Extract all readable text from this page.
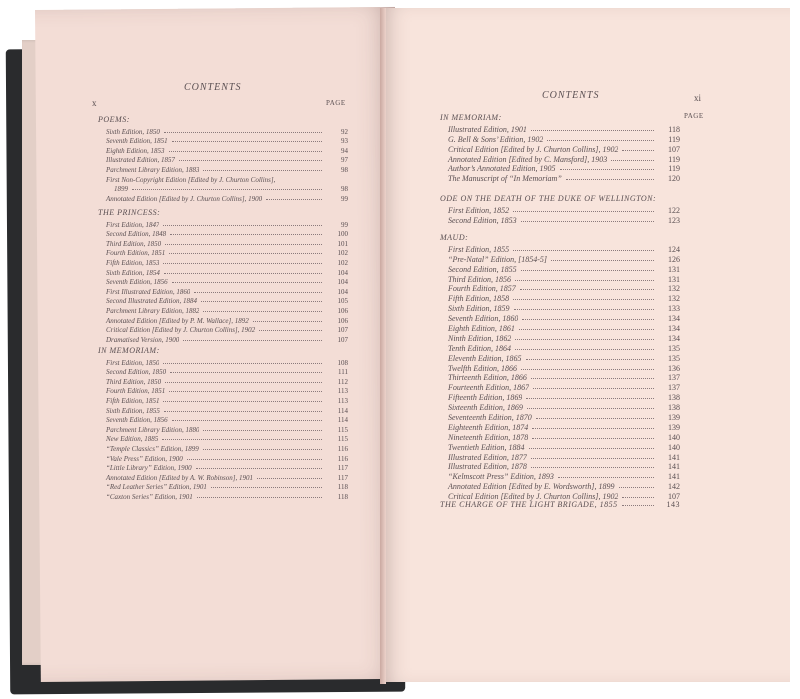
CONTENTS
x	PAGE
CONTENTS	xi
PAGE
POEMS:
Sixth Edition, 1850	92
Seventh Edition, 1851	93
Eighth Edition, 1853	94
Illustrated Edition, 1857	97
Parchment Library Edition, 1883	98
First Non-Copyright Edition [Edited by J. Churton Collins],
1899	98
Annotated Edition [Edited by J. Churton Collins], 1900	99
THE PRINCESS:
First Edition, 1847	99
Second Edition, 1848	100
Third Edition, 1850	101
Fourth Edition, 1851	102
Fifth Edition, 1853	102
Sixth Edition, 1854	104
Seventh Edition, 1856	104
First Illustrated Edition, 1860	104
Second Illustrated Edition, 1884	105
Parchment Library Edition, 1882	106
Annotated Edition [Edited by P. M. Wallace], 1892	106
Critical Edition [Edited by J. Churton Collins], 1902	107
Dramatised Version, 1900	107
IN MEMORIAM:
First Edition, 1850	108
Second Edition, 1850	111
Third Edition, 1850	112
Fourth Edition, 1851	113
Fifth Edition, 1851	113
Sixth Edition, 1855	114
Seventh Edition, 1856	114
Parchment Library Edition, 1880	115
New Edition, 1885	115
“Temple Classics” Edition, 1899	116
“Vale Press” Edition, 1900	116
“Little Library” Edition, 1900	117
Annotated Edition [Edited by A. W. Robinson], 1901	117
“Red Leather Series” Edition, 1901	118
“Caxton Series” Edition, 1901	118
IN MEMORIAM:
Illustrated Edition, 1901	118
G. Bell & Sons’ Edition, 1902	119
Critical Edition [Edited by J. Churton Collins], 1902	107
Annotated Edition [Edited by C. Mansford], 1903	119
Author’s Annotated Edition, 1905	119
The Manuscript of “In Memoriam”	120
ODE ON THE DEATH OF THE DUKE OF WELLINGTON:
First Edition, 1852	122
Second Edition, 1853	123
MAUD:
First Edition, 1855	124
“Pre-Natal” Edition, [1854-5]	126
Second Edition, 1855	131
Third Edition, 1856	131
Fourth Edition, 1857	132
Fifth Edition, 1858	132
Sixth Edition, 1859	133
Seventh Edition, 1860	134
Eighth Edition, 1861	134
Ninth Edition, 1862	134
Tenth Edition, 1864	135
Eleventh Edition, 1865	135
Twelfth Edition, 1866	136
Thirteenth Edition, 1866	137
Fourteenth Edition, 1867	137
Fifteenth Edition, 1869	138
Sixteenth Edition, 1869	138
Seventeenth Edition, 1870	139
Eighteenth Edition, 1874	139
Nineteenth Edition, 1878	140
Twentieth Edition, 1884	140
Illustrated Edition, 1877	141
Illustrated Edition, 1878	141
“Kelmscott Press” Edition, 1893	141
Annotated Edition [Edited by E. Wordsworth], 1899	142
Critical Edition [Edited by J. Churton Collins], 1902	107
THE CHARGE OF THE LIGHT BRIGADE, 1855	143
